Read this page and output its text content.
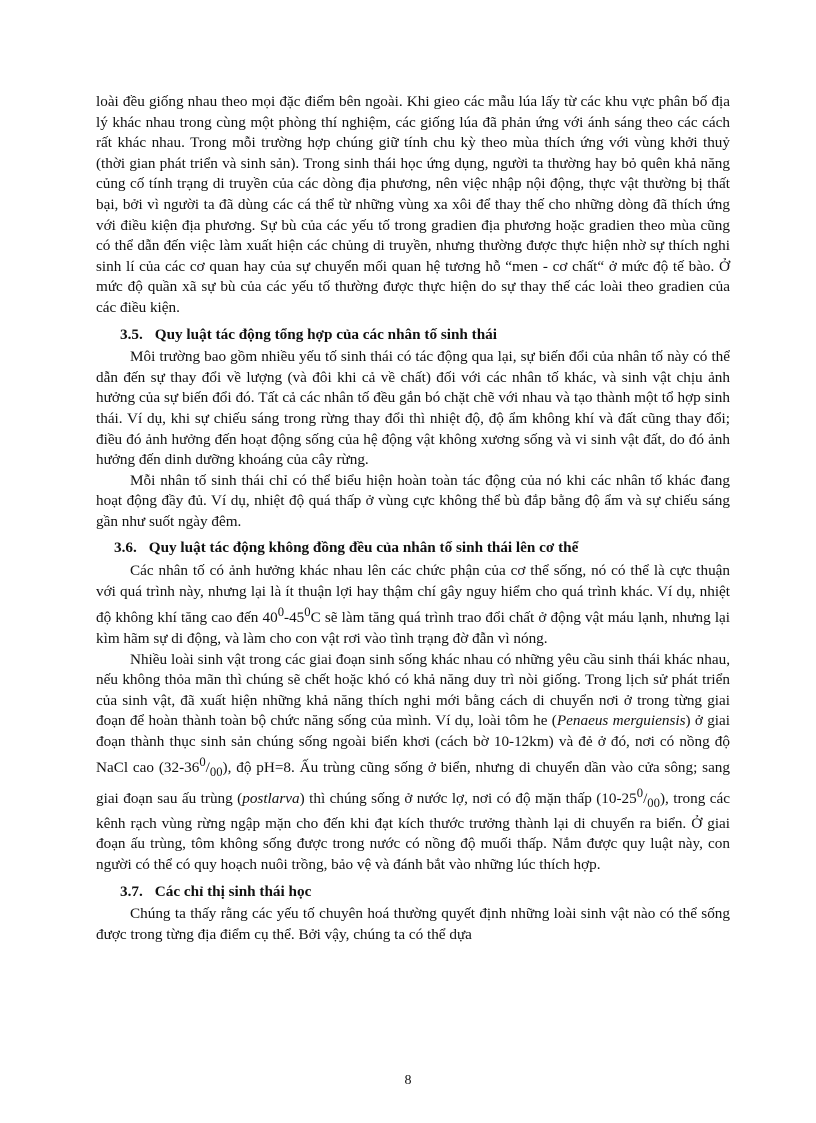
loài đều giống nhau theo mọi đặc điểm bên ngoài. Khi gieo các mẫu lúa lấy từ các khu vực phân bố địa lý khác nhau trong cùng một phòng thí nghiệm, các giống lúa đã phản ứng với ánh sáng theo các cách rất khác nhau. Trong mỗi trường hợp chúng giữ tính chu kỳ theo mùa thích ứng với vùng khởi thuỷ (thời gian phát triển và sinh sản). Trong sinh thái học ứng dụng, người ta thường hay bỏ quên khả năng củng cố tính trạng di truyền của các dòng địa phương, nên việc nhập nội động, thực vật thường bị thất bại, bởi vì người ta đã dùng các cá thể từ những vùng xa xôi để thay thế cho những dòng đã thích ứng với điều kiện địa phương. Sự bù của các yếu tố trong gradien địa phương hoặc gradien theo mùa cũng có thể dẫn đến việc làm xuất hiện các chủng di truyền, nhưng thường được thực hiện nhờ sự thích nghi sinh lí của các cơ quan hay của sự chuyển mối quan hệ tương hỗ “men - cơ chất“ ở mức độ tế bào. Ở mức độ quần xã sự bù của các yếu tố thường được thực hiện do sự thay thế các loài theo gradien của các điều kiện.

3.5. Quy luật tác động tổng hợp của các nhân tố sinh thái

Môi trường bao gồm nhiều yếu tố sinh thái có tác động qua lại, sự biến đổi của nhân tố này có thể dẫn đến sự thay đổi về lượng (và đôi khi cả về chất) đối với các nhân tố khác, và sinh vật chịu ảnh hưởng của sự biến đổi đó. Tất cả các nhân tố đều gắn bó chặt chẽ với nhau và tạo thành một tổ hợp sinh thái. Ví dụ, khi sự chiếu sáng trong rừng thay đổi thì nhiệt độ, độ ẩm không khí và đất cũng thay đổi; điều đó ảnh hưởng đến hoạt động sống của hệ động vật không xương sống và vi sinh vật đất, do đó ảnh hưởng đến dinh dưỡng khoáng của cây rừng.

Mỗi nhân tố sinh thái chỉ có thể biểu hiện hoàn toàn tác động của nó khi các nhân tố khác đang hoạt động đầy đủ. Ví dụ, nhiệt độ quá thấp ở vùng cực không thể bù đắp bằng độ ẩm và sự chiếu sáng gần như suốt ngày đêm.

3.6. Quy luật tác động không đồng đều của nhân tố sinh thái lên cơ thể

Các nhân tố có ảnh hưởng khác nhau lên các chức phận của cơ thể sống, nó có thể là cực thuận với quá trình này, nhưng lại là ít thuận lợi hay thậm chí gây nguy hiểm cho quá trình khác. Ví dụ, nhiệt độ không khí tăng cao đến $40^0-45^0C$ sẽ làm tăng quá trình trao đổi chất ở động vật máu lạnh, nhưng lại kìm hãm sự di động, và làm cho con vật rơi vào tình trạng đờ đẫn vì nóng.

Nhiều loài sinh vật trong các giai đoạn sinh sống khác nhau có những yêu cầu sinh thái khác nhau, nếu không thỏa mãn thì chúng sẽ chết hoặc khó có khả năng duy trì nòi giống. Trong lịch sử phát triển của sinh vật, đã xuất hiện những khả năng thích nghi mới bằng cách di chuyển nơi ở trong từng giai đoạn để hoàn thành toàn bộ chức năng sống của mình. Ví dụ, loài tôm he (Penaeus merguiensis) ở giai đoạn thành thục sinh sản chúng sống ngoài biển khơi (cách bờ 10-12km) và đẻ ở đó, nơi có nồng độ NaCl cao $(32-36^0/_{00})$, độ pH=8. Ấu trùng cũng sống ở biển, nhưng di chuyển dần vào cửa sông; sang giai đoạn sau ấu trùng (postlarva) thì chúng sống ở nước lợ, nơi có độ mặn thấp $(10-25^0/_{00})$, trong các kênh rạch vùng rừng ngập mặn cho đến khi đạt kích thước trưởng thành lại di chuyển ra biển. Ở giai đoạn ấu trùng, tôm không sống được trong nước có nồng độ muối thấp. Nắm được quy luật này, con người có thể có quy hoạch nuôi trồng, bảo vệ và đánh bắt vào những lúc thích hợp.

3.7. Các chỉ thị sinh thái học

Chúng ta thấy rằng các yếu tố chuyên hoá thường quyết định những loài sinh vật nào có thể sống được trong từng địa điểm cụ thể. Bởi vậy, chúng ta có thể dựa

8
